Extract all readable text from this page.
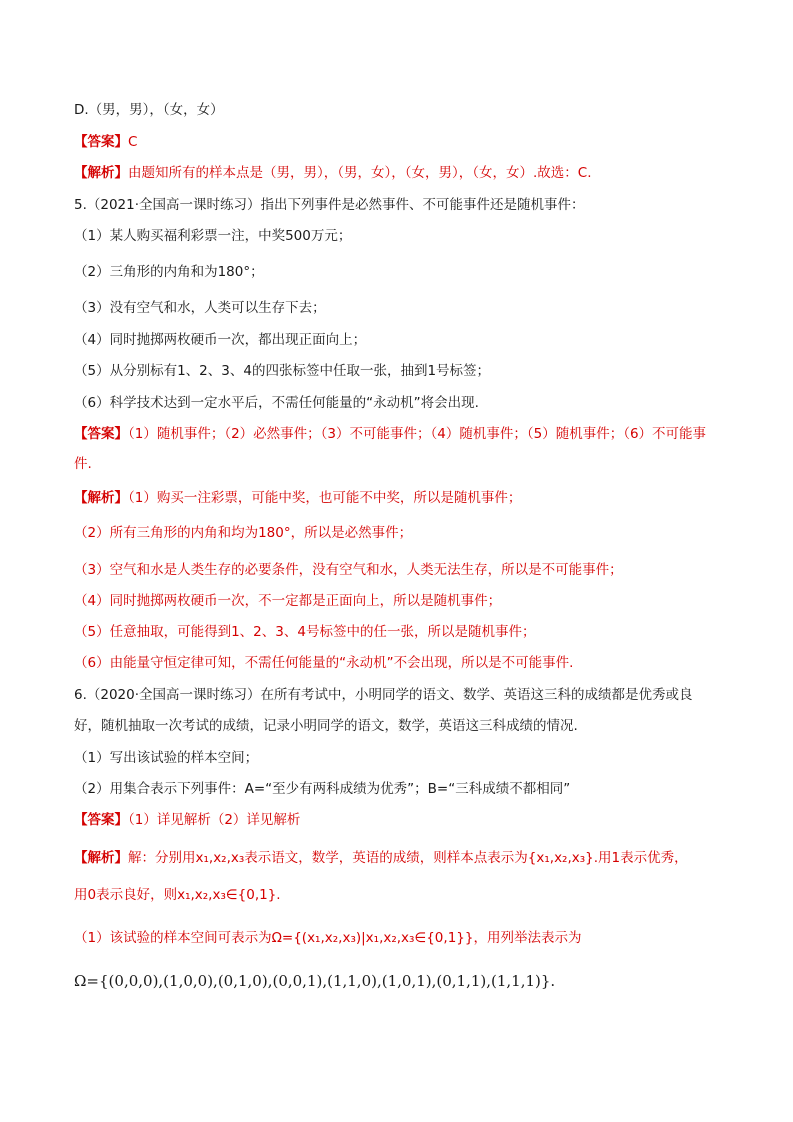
D.（男，男），（女，女）
【答案】C
【解析】由题知所有的样本点是（男，男），（男，女），（女，男），（女，女）.故选：C.
5.（2021·全国高一课时练习）指出下列事件是必然事件、不可能事件还是随机事件：
（1）某人购买福利彩票一注，中奖500万元；
（2）三角形的内角和为180°；
（3）没有空气和水，人类可以生存下去；
（4）同时抛掷两枚硬币一次，都出现正面向上；
（5）从分别标有1、2、3、4的四张标签中任取一张，抽到1号标签；
（6）科学技术达到一定水平后，不需任何能量的“永动机”将会出现.
【答案】（1）随机事件；（2）必然事件；（3）不可能事件；（4）随机事件；（5）随机事件；（6）不可能事
件.
【解析】（1）购买一注彩票，可能中奖，也可能不中奖，所以是随机事件；
（2）所有三角形的内角和均为180°，所以是必然事件；
（3）空气和水是人类生存的必要条件，没有空气和水，人类无法生存，所以是不可能事件；
（4）同时抛掷两枚硬币一次，不一定都是正面向上，所以是随机事件；
（5）任意抽取，可能得到1、2、3、4号标签中的任一张，所以是随机事件；
（6）由能量守恒定律可知，不需任何能量的“永动机”不会出现，所以是不可能事件.
6.（2020·全国高一课时练习）在所有考试中，小明同学的语文、数学、英语这三科的成绩都是优秀或良
好，随机抽取一次考试的成绩，记录小明同学的语文，数学，英语这三科成绩的情况.
（1）写出该试验的样本空间；
（2）用集合表示下列事件：A=“至少有两科成绩为优秀”；B=“三科成绩不都相同”
【答案】（1）详见解析（2）详见解析
【解析】解：分别用x₁,x₂,x₃表示语文，数学，英语的成绩，则样本点表示为{x₁,x₂,x₃}.用1表示优秀，
用0表示良好，则x₁,x₂,x₃∈{0,1}.
（1）该试验的样本空间可表示为Ω={(x₁,x₂,x₃)|x₁,x₂,x₃∈{0,1}}，用列举法表示为
Ω={(0,0,0),(1,0,0),(0,1,0),(0,0,1),(1,1,0),(1,0,1),(0,1,1),(1,1,1)}.
